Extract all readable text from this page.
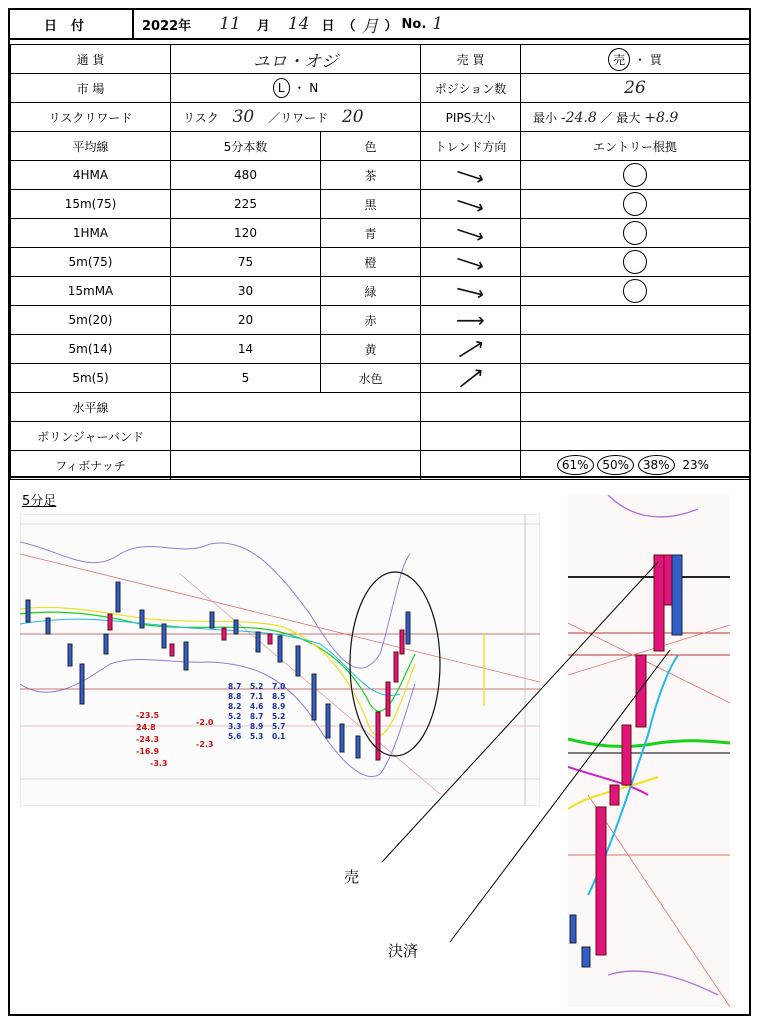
日付	2022年 11 月 14 日 （ 月 ） No. 1
通 貨	ユロ・オジ		売 買	売 ・ 買
市 場	L ・ N		ポジション数	26
リスクリワード	リスク 30 ／リワード 20		PIPS大小	最小 -24.8 ／ 最大 +8.9
平均線	5分本数	色	トレンド方向	エントリー根拠
4HMA	480	茶	⟶	
15m(75)	225	黒	⟶	
1HMA	120	青	⟶	
5m(75)	75	橙	⟶	
15mMA	30	緑	⟶	
5m(20)	20	赤	⟶	
5m(14)	14	黄	⟶	
5m(5)	5	水色	⟶	
水平線				
ボリンジャーバンド				
フィボナッチ				61% 50% 38% 23%
5分足
-23.5
24.8
-24.3
-16.9
-3.3
-2.0
-2.3
8.7	5.2	7.0
8.8	7.1	8.5
8.2	4.6	8.9
5.2	8.7	5.2
3.3	8.9	5.7
5.6	5.3	0.1
売
決済
